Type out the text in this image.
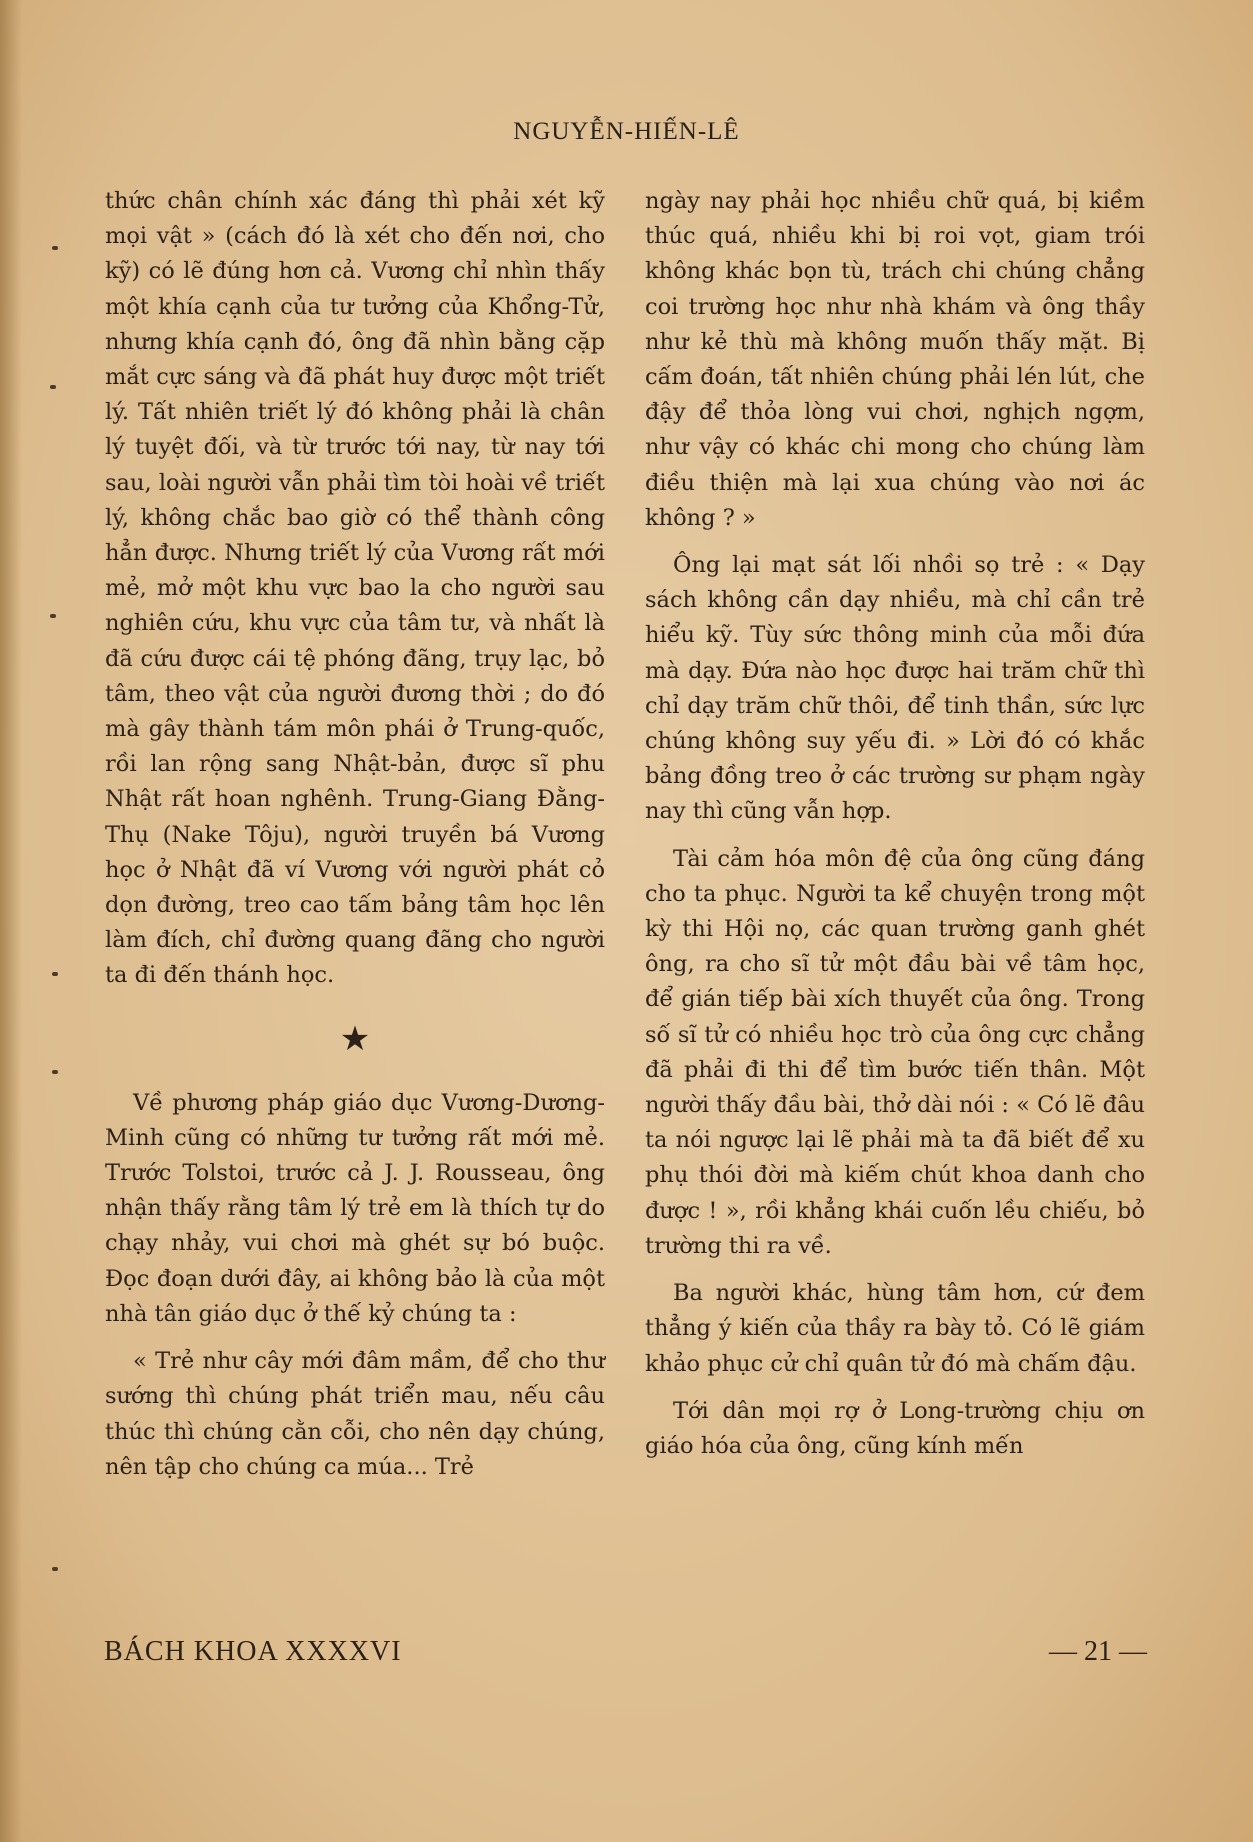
NGUYỄN-HIẾN-LÊ

thức chân chính xác đáng thì phải xét kỹ mọi vật » (cách đó là xét cho đến nơi, cho kỹ) có lẽ đúng hơn cả. Vương chỉ nhìn thấy một khía cạnh của tư tưởng của Khổng-Tử, nhưng khía cạnh đó, ông đã nhìn bằng cặp mắt cực sáng và đã phát huy được một triết lý. Tất nhiên triết lý đó không phải là chân lý tuyệt đối, và từ trước tới nay, từ nay tới sau, loài người vẫn phải tìm tòi hoài về triết lý, không chắc bao giờ có thể thành công hẳn được. Nhưng triết lý của Vương rất mới mẻ, mở một khu vực bao la cho người sau nghiên cứu, khu vực của tâm tư, và nhất là đã cứu được cái tệ phóng đãng, trụy lạc, bỏ tâm, theo vật của người đương thời ; do đó mà gây thành tám môn phái ở Trung-quốc, rồi lan rộng sang Nhật-bản, được sĩ phu Nhật rất hoan nghênh. Trung-Giang Đằng-Thụ (Nake Tôju), người truyền bá Vương học ở Nhật đã ví Vương với người phát cỏ dọn đường, treo cao tấm bảng tâm học lên làm đích, chỉ đường quang đãng cho người ta đi đến thánh học.

★

Về phương pháp giáo dục Vương-Dương-Minh cũng có những tư tưởng rất mới mẻ. Trước Tolstoi, trước cả J. J. Rousseau, ông nhận thấy rằng tâm lý trẻ em là thích tự do chạy nhảy, vui chơi mà ghét sự bó buộc. Đọc đoạn dưới đây, ai không bảo là của một nhà tân giáo dục ở thế kỷ chúng ta :

« Trẻ như cây mới đâm mầm, để cho thư sướng thì chúng phát triển mau, nếu câu thúc thì chúng cằn cỗi, cho nên dạy chúng, nên tập cho chúng ca múa... Trẻ

ngày nay phải học nhiều chữ quá, bị kiềm thúc quá, nhiều khi bị roi vọt, giam trói không khác bọn tù, trách chi chúng chẳng coi trường học như nhà khám và ông thầy như kẻ thù mà không muốn thấy mặt. Bị cấm đoán, tất nhiên chúng phải lén lút, che đậy để thỏa lòng vui chơi, nghịch ngợm, như vậy có khác chi mong cho chúng làm điều thiện mà lại xua chúng vào nơi ác không ? »

Ông lại mạt sát lối nhồi sọ trẻ : « Dạy sách không cần dạy nhiều, mà chỉ cần trẻ hiểu kỹ. Tùy sức thông minh của mỗi đứa mà dạy. Đứa nào học được hai trăm chữ thì chỉ dạy trăm chữ thôi, để tinh thần, sức lực chúng không suy yếu đi. » Lời đó có khắc bảng đồng treo ở các trường sư phạm ngày nay thì cũng vẫn hợp.

Tài cảm hóa môn đệ của ông cũng đáng cho ta phục. Người ta kể chuyện trong một kỳ thi Hội nọ, các quan trường ganh ghét ông, ra cho sĩ tử một đầu bài về tâm học, để gián tiếp bài xích thuyết của ông. Trong số sĩ tử có nhiều học trò của ông cực chẳng đã phải đi thi để tìm bước tiến thân. Một người thấy đầu bài, thở dài nói : « Có lẽ đâu ta nói ngược lại lẽ phải mà ta đã biết để xu phụ thói đời mà kiếm chút khoa danh cho được ! », rồi khẳng khái cuốn lều chiếu, bỏ trường thi ra về.

Ba người khác, hùng tâm hơn, cứ đem thẳng ý kiến của thầy ra bày tỏ. Có lẽ giám khảo phục cử chỉ quân tử đó mà chấm đậu.

Tới dân mọi rợ ở Long-trường chịu ơn giáo hóa của ông, cũng kính mến

BÁCH KHOA XXXXVI	— 21 —
